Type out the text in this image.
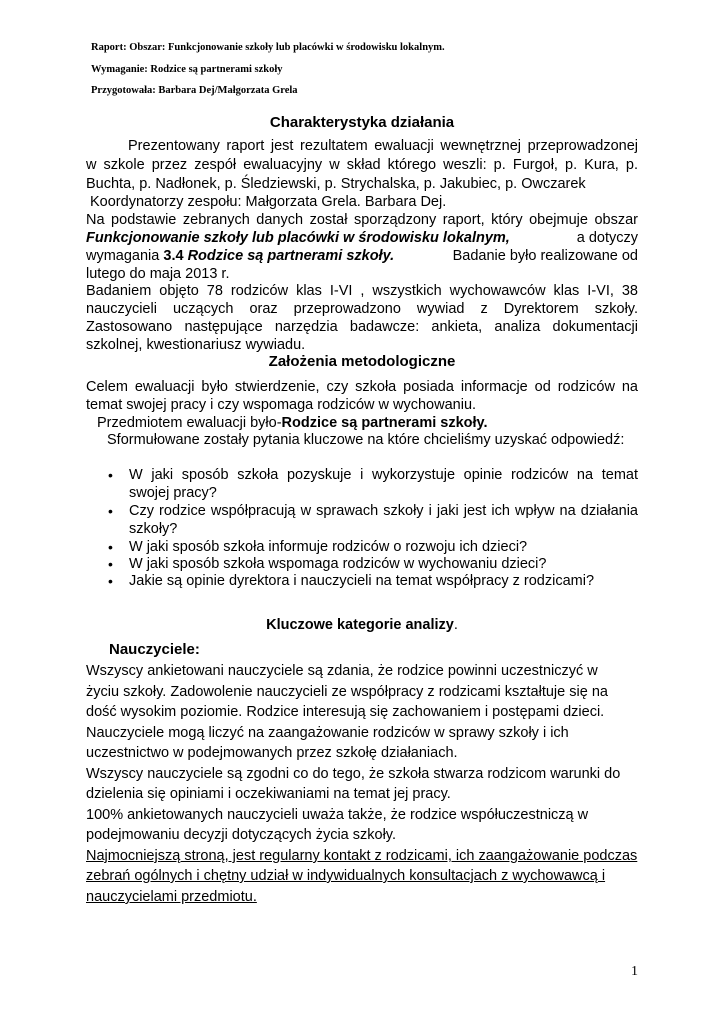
Raport: Obszar: Funkcjonowanie szkoły lub placówki w środowisku lokalnym.
Wymaganie: Rodzice są partnerami szkoły
Przygotowała: Barbara Dej/Małgorzata Grela
Charakterystyka działania
Prezentowany raport jest rezultatem ewaluacji wewnętrznej przeprowadzonej
w szkole przez zespół ewaluacyjny w skład którego weszli: p. Furgoł, p. Kura, p.
Buchta, p. Nadłonek, p. Śledziewski, p. Strychalska, p. Jakubiec, p. Owczarek
Koordynatorzy zespołu: Małgorzata Grela. Barbara Dej.
Na podstawie zebranych danych został sporządzony raport, który obejmuje obszar
Funkcjonowanie szkoły lub placówki w środowisku lokalnym,	a dotyczy
wymagania 3.4 Rodzice są partnerami szkoły.	Badanie było realizowane od
lutego do maja 2013 r.
Badaniem objęto 78 rodziców klas I-VI , wszystkich wychowawców klas I-VI, 38
nauczycieli uczących oraz przeprowadzono wywiad z Dyrektorem szkoły.
Zastosowano następujące narzędzia badawcze: ankieta, analiza dokumentacji
szkolnej, kwestionariusz wywiadu.
Założenia metodologiczne
Celem ewaluacji było stwierdzenie, czy szkoła posiada informacje od rodziców na
temat swojej pracy i czy wspomaga rodziców w wychowaniu.
Przedmiotem ewaluacji było-Rodzice są partnerami szkoły.
Sformułowane zostały pytania kluczowe na które chcieliśmy uzyskać odpowiedź:
• W jaki sposób szkoła pozyskuje i wykorzystuje opinie rodziców na temat
swojej pracy?
• Czy rodzice współpracują w sprawach szkoły i jaki jest ich wpływ na działania
szkoły?
• W jaki sposób szkoła informuje rodziców o rozwoju ich dzieci?
• W jaki sposób szkoła wspomaga rodziców w wychowaniu dzieci?
• Jakie są opinie dyrektora i nauczycieli na temat współpracy z rodzicami?
Kluczowe kategorie analizy.
Nauczyciele:
Wszyscy ankietowani nauczyciele są zdania, że rodzice powinni uczestniczyć w
życiu szkoły. Zadowolenie nauczycieli ze współpracy z rodzicami kształtuje się na
dość wysokim poziomie. Rodzice interesują się zachowaniem i postępami dzieci.
Nauczyciele mogą liczyć na zaangażowanie rodziców w sprawy szkoły i ich
uczestnictwo w podejmowanych przez szkołę działaniach.
Wszyscy nauczyciele są zgodni co do tego, że szkoła stwarza rodzicom warunki do
dzielenia się opiniami i oczekiwaniami na temat jej pracy.
100% ankietowanych nauczycieli uważa także, że rodzice współuczestniczą w
podejmowaniu decyzji dotyczących życia szkoły.
Najmocniejszą stroną, jest regularny kontakt z rodzicami, ich zaangażowanie podczas
zebrań ogólnych i chętny udział w indywidualnych konsultacjach z wychowawcą i
nauczycielami przedmiotu.
1
